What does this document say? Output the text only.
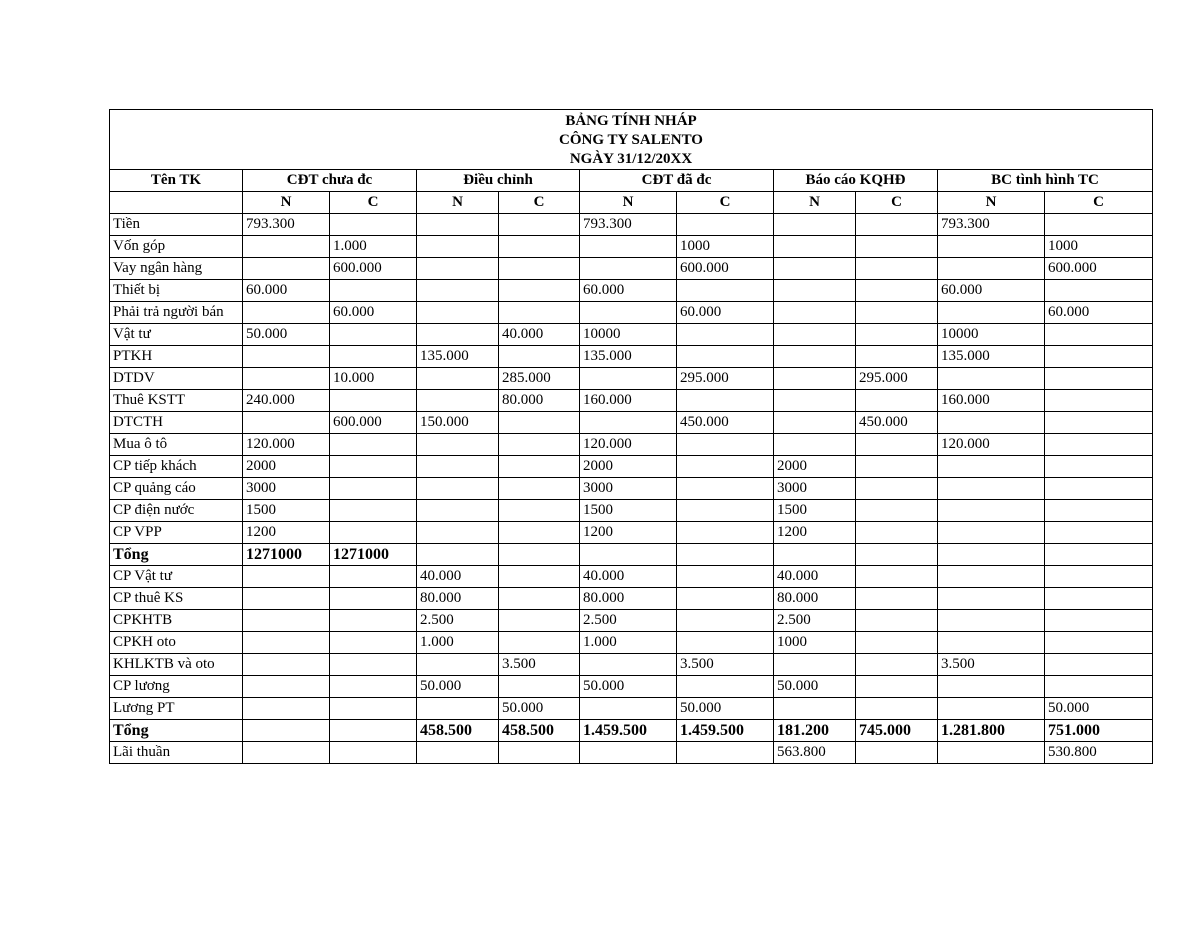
BẢNG TÍNH NHÁP
CÔNG TY SALENTO
NGÀY 31/12/20XX										

Tên TK	CĐT chưa đc		Điều chỉnh		CĐT đã đc		Báo cáo KQHĐ		BC tình hình TC	
	N	C	N	C	N	C	N	C	N	C
Tiền	793.300				793.300				793.300	
Vốn góp		1.000				1000				1000
Vay ngân hàng		600.000				600.000				600.000
Thiết bị	60.000				60.000				60.000	
Phải trả người bán		60.000				60.000				60.000
Vật tư	50.000			40.000	10000				10000	
PTKH			135.000		135.000				135.000	
DTDV		10.000		285.000		295.000		295.000		
Thuê KSTT	240.000			80.000	160.000				160.000	
DTCTH		600.000	150.000			450.000		450.000		
Mua ô tô	120.000				120.000				120.000	
CP tiếp khách	2000				2000		2000			
CP quảng cáo	3000				3000		3000			
CP điện nước	1500				1500		1500			
CP VPP	1200				1200		1200			
Tổng	1271000	1271000								
CP Vật tư			40.000		40.000		40.000			
CP thuê KS			80.000		80.000		80.000			
CPKHTB			2.500		2.500		2.500			
CPKH oto			1.000		1.000		1000			
KHLKTB và oto				3.500		3.500			3.500	
CP lương			50.000		50.000		50.000			
Lương PT				50.000		50.000				50.000
Tổng			458.500	458.500	1.459.500	1.459.500	181.200	745.000	1.281.800	751.000
Lãi thuần							563.800			530.800
